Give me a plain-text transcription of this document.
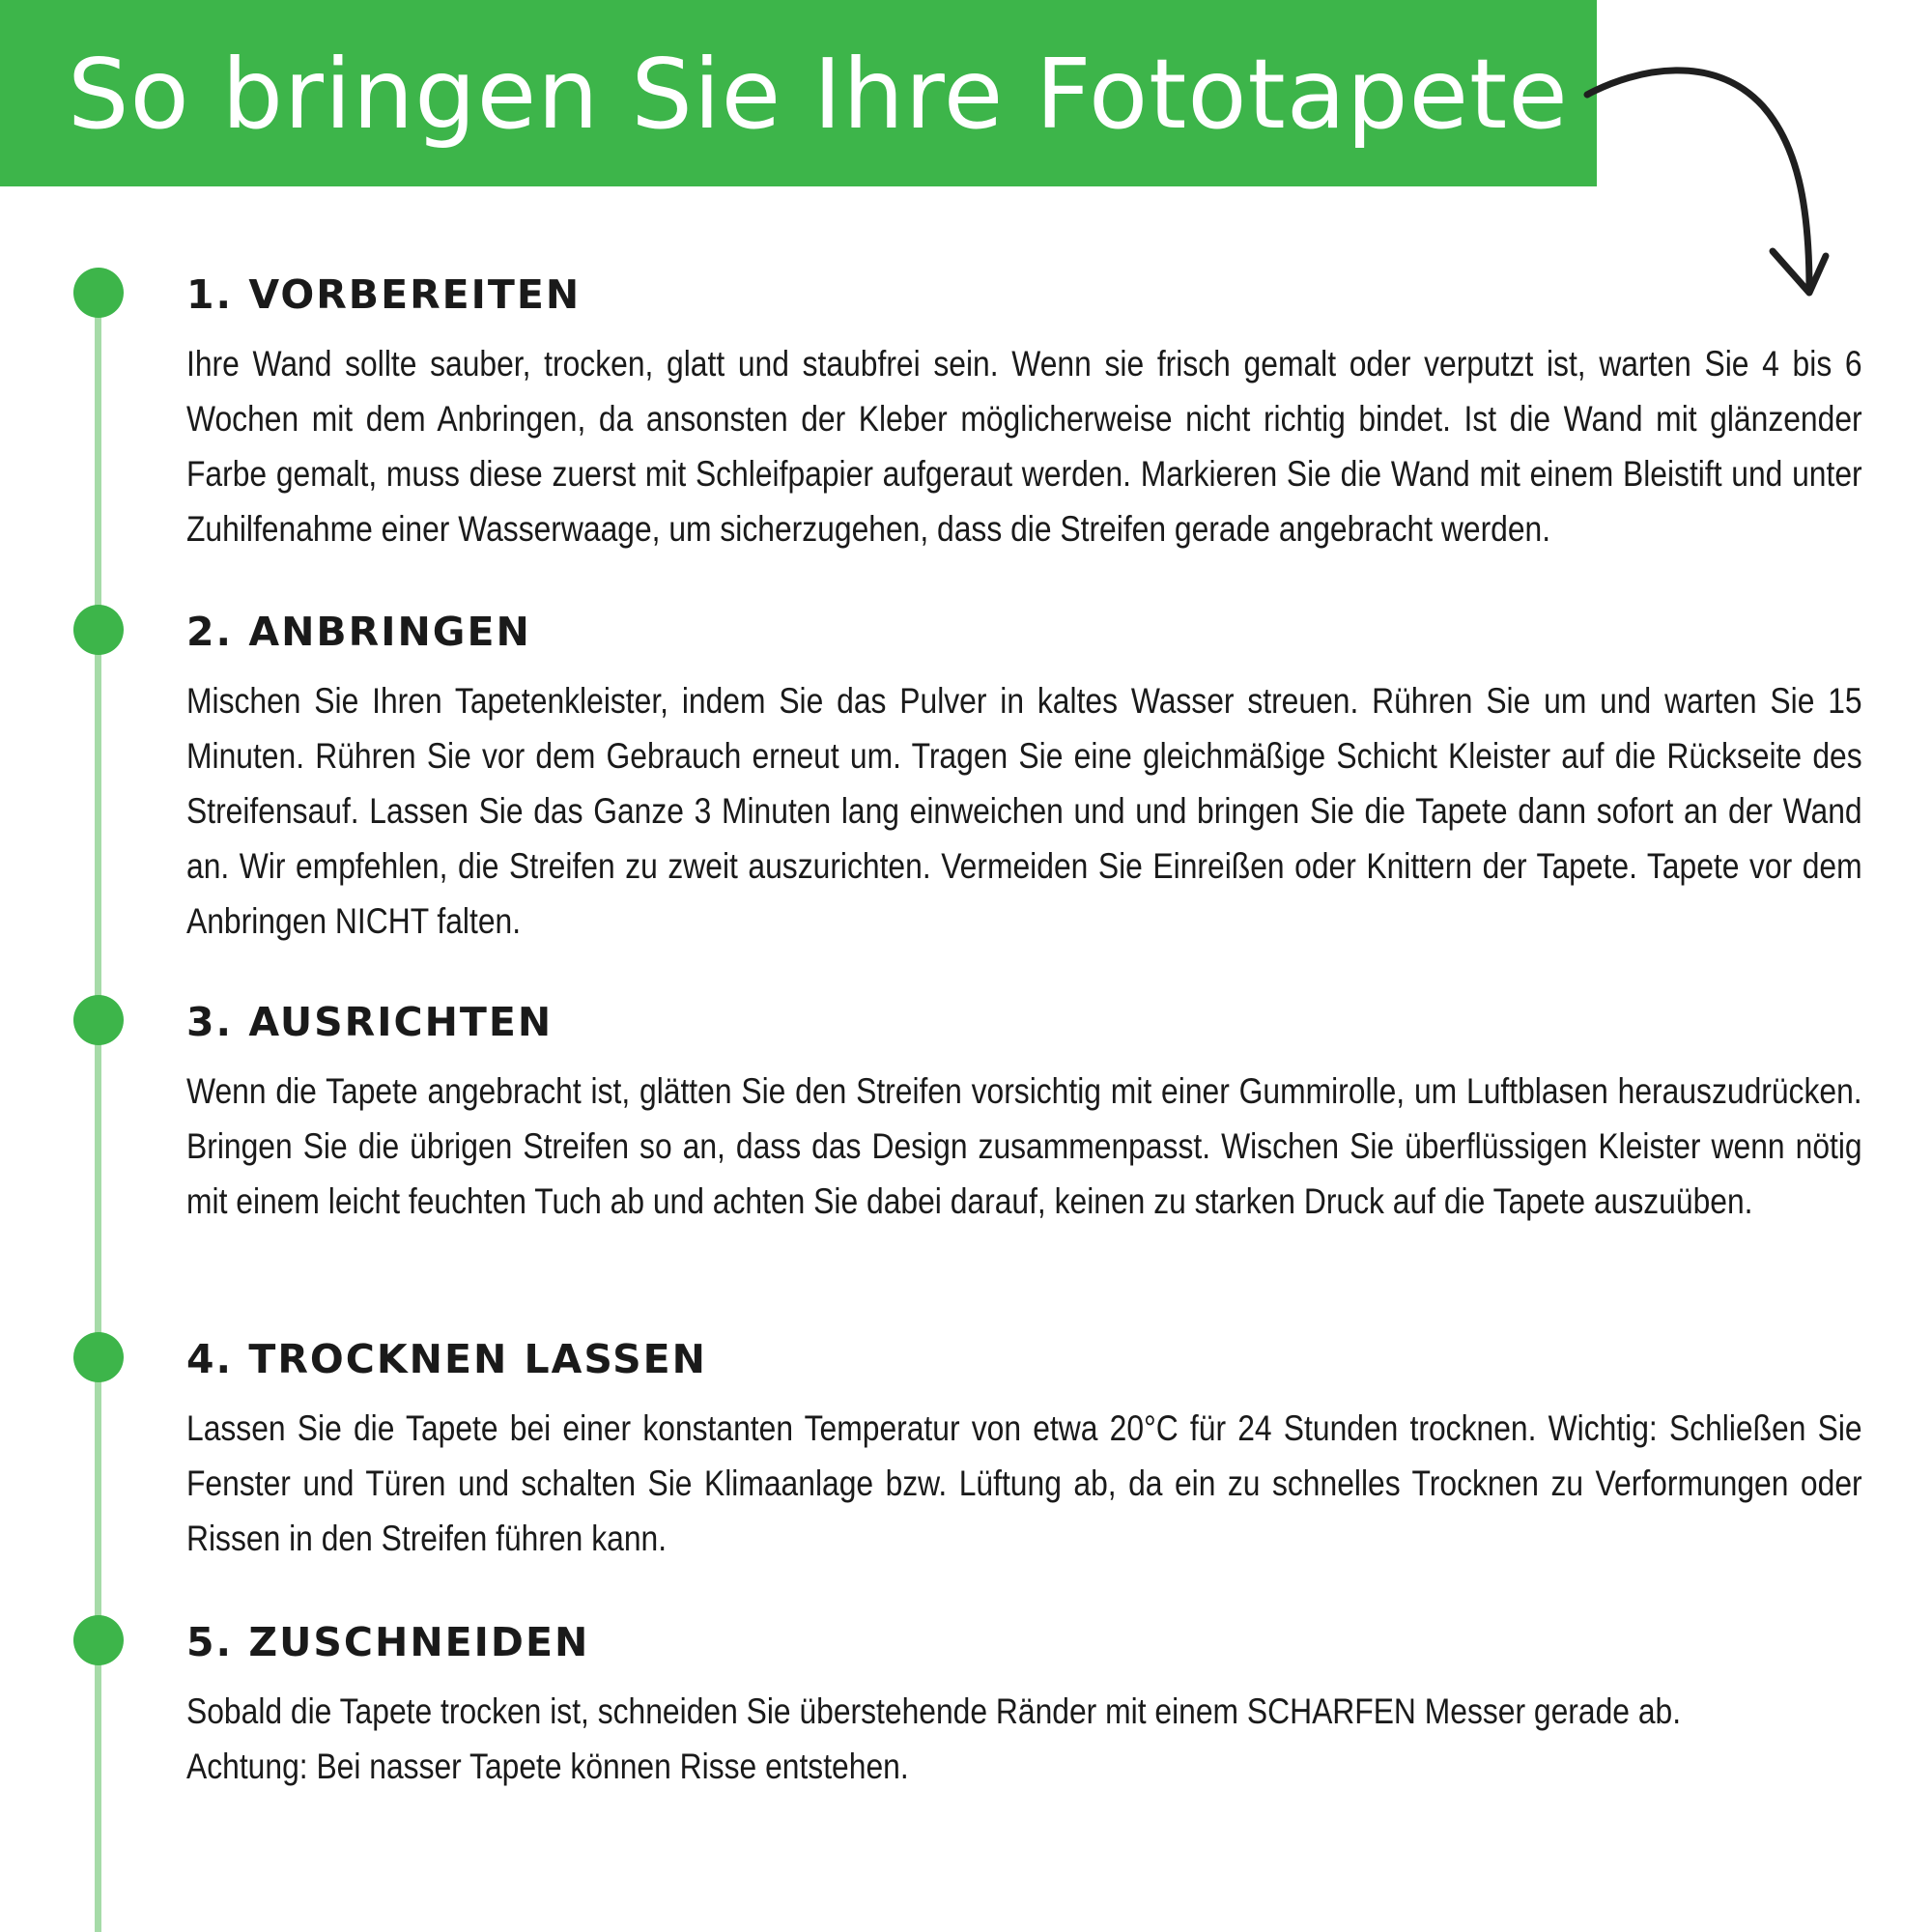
So bringen Sie Ihre Fototapete an
1. VORBEREITEN

Ihre Wand sollte sauber, trocken, glatt und staubfrei sein. Wenn sie frisch gemalt oder verputzt ist, warten Sie 4 bis 6 Wochen mit dem Anbringen, da ansonsten der Kleber möglicherweise nicht richtig bindet. Ist die Wand mit glänzender Farbe gemalt, muss diese zuerst mit Schleifpapier aufgeraut werden. Markieren Sie die Wand mit einem Bleistift und unter Zuhilfenahme einer Wasserwaage, um sicherzugehen, dass die Streifen gerade angebracht werden.

2. ANBRINGEN

Mischen Sie Ihren Tapetenkleister, indem Sie das Pulver in kaltes Wasser streuen. Rühren Sie um und warten Sie 15 Minuten. Rühren Sie vor dem Gebrauch erneut um. Tragen Sie eine gleichmäßige Schicht Kleister auf die Rückseite des Streifensauf. Lassen Sie das Ganze 3 Minuten lang einweichen und und bringen Sie die Tapete dann sofort an der Wand an. Wir empfehlen, die Streifen zu zweit auszurichten. Vermeiden Sie Einreißen oder Knittern der Tapete. Tapete vor dem Anbringen NICHT falten.

3. AUSRICHTEN

Wenn die Tapete angebracht ist, glätten Sie den Streifen vorsichtig mit einer Gummirolle, um Luftblasen herauszudrücken. Bringen Sie die übrigen Streifen so an, dass das Design zusammenpasst. Wischen Sie überflüssigen Kleister wenn nötig mit einem leicht feuchten Tuch ab und achten Sie dabei darauf, keinen zu starken Druck auf die Tapete auszuüben.

4. TROCKNEN LASSEN

Lassen Sie die Tapete bei einer konstanten Temperatur von etwa 20°C für 24 Stunden trocknen. Wichtig: Schließen Sie Fenster und Türen und schalten Sie Klimaanlage bzw. Lüftung ab, da ein zu schnelles Trocknen zu Verformungen oder Rissen in den Streifen führen kann.

5. ZUSCHNEIDEN

Sobald die Tapete trocken ist, schneiden Sie überstehende Ränder mit einem SCHARFEN Messer gerade ab.
Achtung: Bei nasser Tapete können Risse entstehen.
